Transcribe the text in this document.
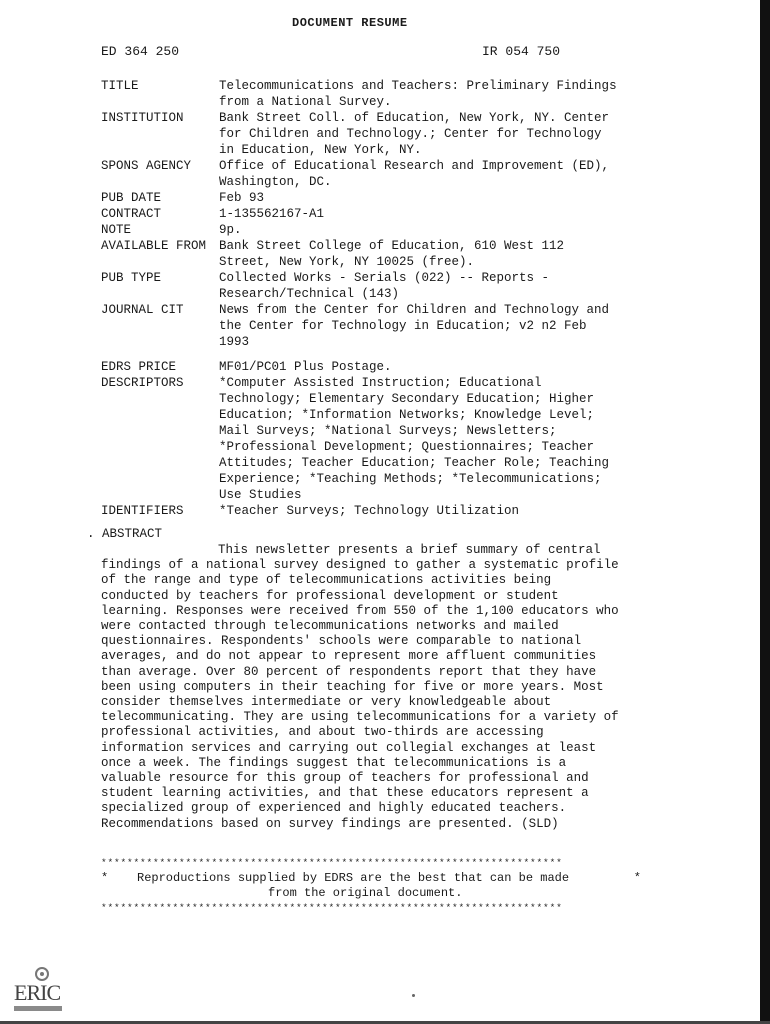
DOCUMENT RESUME
ED 364 250	IR 054 750
TITLE	Telecommunications and Teachers: Preliminary Findings
from a National Survey.
INSTITUTION	Bank Street Coll. of Education, New York, NY. Center
for Children and Technology.; Center for Technology
in Education, New York, NY.
SPONS AGENCY	Office of Educational Research and Improvement (ED),
Washington, DC.
PUB DATE	Feb 93
CONTRACT	1-135562167-A1
NOTE	9p.
AVAILABLE FROM	Bank Street College of Education, 610 West 112
Street, New York, NY 10025 (free).
PUB TYPE	Collected Works - Serials (022) -- Reports -
Research/Technical (143)
JOURNAL CIT	News from the Center for Children and Technology and
the Center for Technology in Education; v2 n2 Feb
1993
EDRS PRICE	MF01/PC01 Plus Postage.
DESCRIPTORS	*Computer Assisted Instruction; Educational
Technology; Elementary Secondary Education; Higher
Education; *Information Networks; Knowledge Level;
Mail Surveys; *National Surveys; Newsletters;
*Professional Development; Questionnaires; Teacher
Attitudes; Teacher Education; Teacher Role; Teaching
Experience; *Teaching Methods; *Telecommunications;
Use Studies
IDENTIFIERS	*Teacher Surveys; Technology Utilization
. ABSTRACT
This newsletter presents a brief summary of central
findings of a national survey designed to gather a systematic profile
of the range and type of telecommunications activities being
conducted by teachers for professional development or student
learning. Responses were received from 550 of the 1,100 educators who
were contacted through telecommunications networks and mailed
questionnaires. Respondents' schools were comparable to national
averages, and do not appear to represent more affluent communities
than average. Over 80 percent of respondents report that they have
been using computers in their teaching for five or more years. Most
consider themselves intermediate or very knowledgeable about
telecommunicating. They are using telecommunications for a variety of
professional activities, and about two-thirds are accessing
information services and carrying out collegial exchanges at least
once a week. The findings suggest that telecommunications is a
valuable resource for this group of teachers for professional and
student learning activities, and that these educators represent a
specialized group of experienced and highly educated teachers.
Recommendations based on survey findings are presented. (SLD)
***********************************************************************
*	*
Reproductions supplied by EDRS are the best that can be made
from the original document.
***********************************************************************
ERIC
